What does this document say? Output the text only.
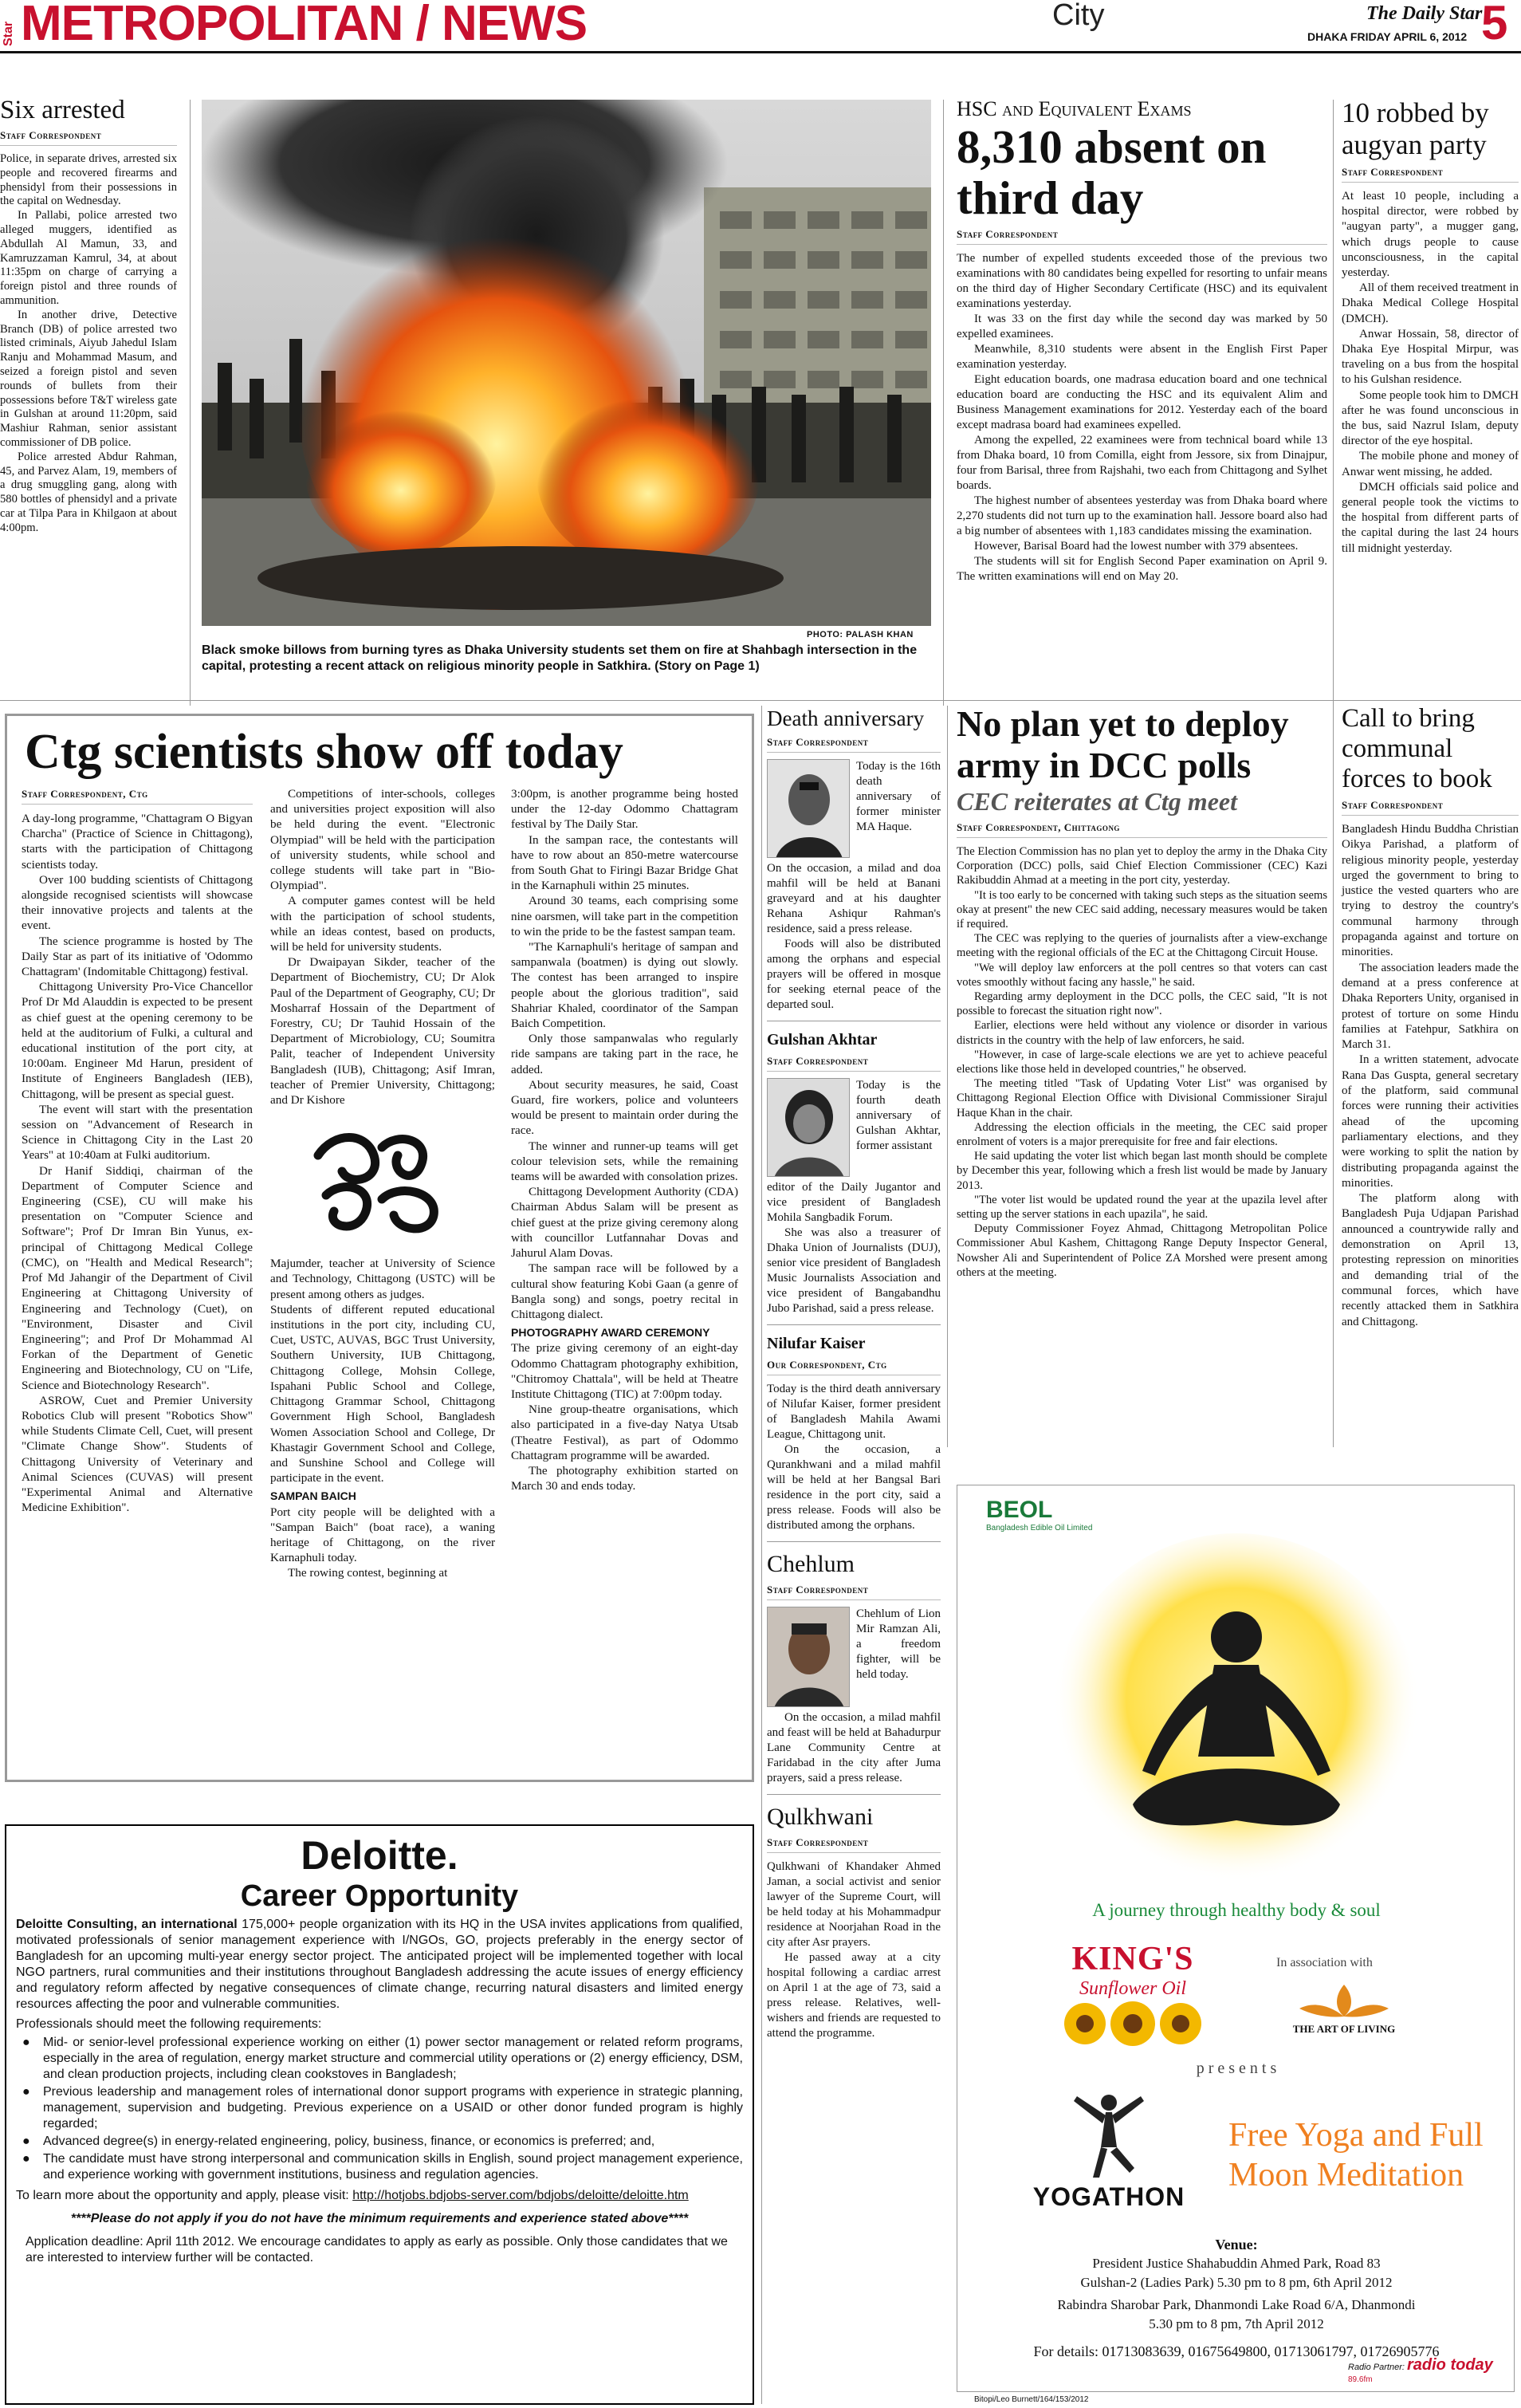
Star METROPOLITAN / NEWS	City	The Daily Star
DHAKA FRIDAY APRIL 6, 2012 5
Six arrested
Staff Correspondent

Police, in separate drives, arrested six people and recovered firearms and phensidyl from their possessions in the capital on Wednesday.

In Pallabi, police arrested two alleged muggers, identified as Abdullah Al Mamun, 33, and Kamruzzaman Kamrul, 34, at about 11:35pm on charge of carrying a foreign pistol and three rounds of ammunition.

In another drive, Detective Branch (DB) of police arrested two listed criminals, Aiyub Jahedul Islam Ranju and Mohammad Masum, and seized a foreign pistol and seven rounds of bullets from their possessions before T&T wireless gate in Gulshan at around 11:20pm, said Mashiur Rahman, senior assistant commissioner of DB police.

Police arrested Abdur Rahman, 45, and Parvez Alam, 19, members of a drug smuggling gang, along with 580 bottles of phensidyl and a private car at Tilpa Para in Khilgaon at about 4:00pm.

PHOTO: PALASH KHAN
Black smoke billows from burning tyres as Dhaka University students set them on fire at Shahbagh intersection in the capital, protesting a recent attack on religious minority people in Satkhira. (Story on Page 1)
HSC and Equivalent Exams
8,310 absent on third day
Staff Correspondent

The number of expelled students exceeded those of the previous two examinations with 80 candidates being expelled for resorting to unfair means on the third day of Higher Secondary Certificate (HSC) and its equivalent examinations yesterday.

It was 33 on the first day while the second day was marked by 50 expelled examinees.

Meanwhile, 8,310 students were absent in the English First Paper examination yesterday.

Eight education boards, one madrasa education board and one technical education board are conducting the HSC and its equivalent Alim and Business Management examinations for 2012. Yesterday each of the board except madrasa board had examinees expelled.

Among the expelled, 22 examinees were from technical board while 13 from Dhaka board, 10 from Comilla, eight from Jessore, six from Dinajpur, four from Barisal, three from Rajshahi, two each from Chittagong and Sylhet boards.

The highest number of absentees yesterday was from Dhaka board where 2,270 students did not turn up to the examination hall. Jessore board also had a big number of absentees with 1,183 candidates missing the examination.

However, Barisal Board had the lowest number with 379 absentees.

The students will sit for English Second Paper examination on April 9. The written examinations will end on May 20.

10 robbed by augyan party
Staff Correspondent

At least 10 people, including a hospital director, were robbed by "augyan party", a mugger gang, which drugs people to cause unconsciousness, in the capital yesterday.

All of them received treatment in Dhaka Medical College Hospital (DMCH).

Anwar Hossain, 58, director of Dhaka Eye Hospital Mirpur, was traveling on a bus from the hospital to his Gulshan residence.

Some people took him to DMCH after he was found unconscious in the bus, said Nazrul Islam, deputy director of the eye hospital.

The mobile phone and money of Anwar went missing, he added.

DMCH officials said police and general people took the victims to the hospital from different parts of the capital during the last 24 hours till midnight yesterday.

Ctg scientists show off today
Staff Correspondent, Ctg

A day-long programme, "Chattagram O Bigyan Charcha" (Practice of Science in Chittagong), starts with the participation of Chittagong scientists today.

Over 100 budding scientists of Chittagong alongside recognised scientists will showcase their innovative projects and talents at the event.

The science programme is hosted by The Daily Star as part of its initiative of 'Odommo Chattagram' (Indomitable Chittagong) festival.

Chittagong University Pro-Vice Chancellor Prof Dr Md Alauddin is expected to be present as chief guest at the opening ceremony to be held at the auditorium of Fulki, a cultural and educational institution of the port city, at 10:00am. Engineer Md Harun, president of Institute of Engineers Bangladesh (IEB), Chittagong, will be present as special guest.

The event will start with the presentation session on "Advancement of Research in Science in Chittagong City in the Last 20 Years" at 10:40am at Fulki auditorium.

Dr Hanif Siddiqi, chairman of the Department of Computer Science and Engineering (CSE), CU will make his presentation on "Computer Science and Software"; Prof Dr Imran Bin Yunus, ex-principal of Chittagong Medical College (CMC), on "Health and Medical Research"; Prof Md Jahangir of the Department of Civil Engineering at Chittagong University of Engineering and Technology (Cuet), on "Environment, Disaster and Civil Engineering"; and Prof Dr Mohammad Al Forkan of the Department of Genetic Engineering and Biotechnology, CU on "Life, Science and Biotechnology Research".

ASROW, Cuet and Premier University Robotics Club will present "Robotics Show" while Students Climate Cell, Cuet, will present "Climate Change Show". Students of Chittagong University of Veterinary and Animal Sciences (CUVAS) will present "Experimental Animal and Alternative Medicine Exhibition".

Competitions of inter-schools, colleges and universities project exposition will also be held during the event. "Electronic Olympiad" will be held with the participation of university students, while school and college students will take part in "Bio-Olympiad".

A computer games contest will be held with the participation of school students, while an ideas contest, based on products, will be held for university students.

Dr Dwaipayan Sikder, teacher of the Department of Biochemistry, CU; Dr Alok Paul of the Department of Geography, CU; Dr Mosharraf Hossain of the Department of Forestry, CU; Dr Tauhid Hossain of the Department of Microbiology, CU; Soumitra Palit, teacher of Independent University Bangladesh (IUB), Chittagong; Asif Imran, teacher of Premier University, Chittagong; and Dr Kishore

Majumder, teacher at University of Science and Technology, Chittagong (USTC) will be present among others as judges.

Students of different reputed educational institutions in the port city, including CU, Cuet, USTC, AUVAS, BGC Trust University, Southern University, IUB Chittagong, Chittagong College, Mohsin College, Ispahani Public School and College, Chittagong Grammar School, Chittagong Government High School, Bangladesh Women Association School and College, Dr Khastagir Government School and College, and Sunshine School and College will participate in the event.

SAMPAN BAICH

Port city people will be delighted with a "Sampan Baich" (boat race), a waning heritage of Chittagong, on the river Karnaphuli today.

The rowing contest, beginning at

3:00pm, is another programme being hosted under the 12-day Odommo Chattagram festival by The Daily Star.

In the sampan race, the contestants will have to row about an 850-metre watercourse from South Ghat to Firingi Bazar Bridge Ghat in the Karnaphuli within 25 minutes.

Around 30 teams, each comprising some nine oarsmen, will take part in the competition to win the pride to be the fastest sampan team.

"The Karnaphuli's heritage of sampan and sampanwala (boatmen) is dying out slowly. The contest has been arranged to inspire people about the glorious tradition", said Shahriar Khaled, coordinator of the Sampan Baich Competition.

Only those sampanwalas who regularly ride sampans are taking part in the race, he added.

About security measures, he said, Coast Guard, fire workers, police and volunteers would be present to maintain order during the race.

The winner and runner-up teams will get colour television sets, while the remaining teams will be awarded with consolation prizes.

Chittagong Development Authority (CDA) Chairman Abdus Salam will be present as chief guest at the prize giving ceremony along with councillor Lutfannahar Dovas and Jahurul Alam Dovas.

The sampan race will be followed by a cultural show featuring Kobi Gaan (a genre of Bangla song) and songs, poetry recital in Chittagong dialect.

PHOTOGRAPHY AWARD CEREMONY

The prize giving ceremony of an eight-day Odommo Chattagram photography exhibition, "Chitromoy Chattala", will be held at Theatre Institute Chittagong (TIC) at 7:00pm today.

Nine group-theatre organisations, which also participated in a five-day Natya Utsab (Theatre Festival), as part of Odommo Chattagram programme will be awarded.

The photography exhibition started on March 30 and ends today.

Death anniversary
Staff Correspondent
Today is the 16th death anniversary of former minister MA Haque.
On the occasion, a milad and doa mahfil will be held at Banani graveyard and at his daughter Rehana Ashiqur Rahman's residence, said a press release.
Foods will also be distributed among the orphans and especial prayers will be offered in mosque for seeking eternal peace of the departed soul.
Gulshan Akhtar
Staff Correspondent
Today is the fourth death anniversary of Gulshan Akhtar, former assistant
editor of the Daily Jugantor and vice president of Bangladesh Mohila Sangbadik Forum.
She was also a treasurer of Dhaka Union of Journalists (DUJ), senior vice president of Bangladesh Music Journalists Association and vice president of Bangabandhu Jubo Parishad, said a press release.
Nilufar Kaiser
Our Correspondent, Ctg
Today is the third death anniversary of Nilufar Kaiser, former president of Bangladesh Mahila Awami League, Chittagong unit.
On the occasion, a Qurankhwani and a milad mahfil will be held at her Bangsal Bari residence in the port city, said a press release. Foods will also be distributed among the orphans.
Chehlum
Staff Correspondent
Chehlum of Lion Mir Ramzan Ali, a freedom fighter, will be held today.
On the occasion, a milad mahfil and feast will be held at Bahadurpur Lane Community Centre at Faridabad in the city after Juma prayers, said a press release.
Qulkhwani
Staff Correspondent
Qulkhwani of Khandaker Ahmed Jaman, a social activist and senior lawyer of the Supreme Court, will be held today at his Mohammadpur residence at Noorjahan Road in the city after Asr prayers.
He passed away at a city hospital following a cardiac arrest on April 1 at the age of 73, said a press release. Relatives, well-wishers and friends are requested to attend the programme.
No plan yet to deploy army in DCC polls
CEC reiterates at Ctg meet
Staff Correspondent, Chittagong

The Election Commission has no plan yet to deploy the army in the Dhaka City Corporation (DCC) polls, said Chief Election Commissioner (CEC) Kazi Rakibuddin Ahmad at a meeting in the port city, yesterday.

"It is too early to be concerned with taking such steps as the situation seems okay at present" the new CEC said adding, necessary measures would be taken if required.

The CEC was replying to the queries of journalists after a view-exchange meeting with the regional officials of the EC at the Chittagong Circuit House.

"We will deploy law enforcers at the poll centres so that voters can cast votes smoothly without facing any hassle," he said.

Regarding army deployment in the DCC polls, the CEC said, "It is not possible to forecast the situation right now".

Earlier, elections were held without any violence or disorder in various districts in the country with the help of law enforcers, he said.

"However, in case of large-scale elections we are yet to achieve peaceful elections like those held in developed countries," he observed.

The meeting titled "Task of Updating Voter List" was organised by Chittagong Regional Election Office with Divisional Commissioner Sirajul Haque Khan in the chair.

Addressing the election officials in the meeting, the CEC said proper enrolment of voters is a major prerequisite for free and fair elections.

He said updating the voter list which began last month should be complete by December this year, following which a fresh list would be made by January 2013.

"The voter list would be updated round the year at the upazila level after setting up the server stations in each upazila", he said.

Deputy Commissioner Foyez Ahmad, Chittagong Metropolitan Police Commissioner Abul Kashem, Chittagong Range Deputy Inspector General, Nowsher Ali and Superintendent of Police ZA Morshed were present among others at the meeting.

Call to bring communal forces to book
Staff Correspondent

Bangladesh Hindu Buddha Christian Oikya Parishad, a platform of religious minority people, yesterday urged the government to bring to justice the vested quarters who are trying to destroy the country's communal harmony through propaganda against and torture on minorities.

The association leaders made the demand at a press conference at Dhaka Reporters Unity, organised in protest of torture on some Hindu families at Fatehpur, Satkhira on March 31.

In a written statement, advocate Rana Das Guspta, general secretary of the platform, said communal forces were running their activities ahead of the upcoming parliamentary elections, and they were working to split the nation by distributing propaganda against the minorities.

The platform along with Bangladesh Puja Udjapan Parishad announced a countrywide rally and demonstration on April 13, protesting repression on minorities and demanding trial of the communal forces, which have recently attacked them in Satkhira and Chittagong.

Deloitte.
Career Opportunity
Deloitte Consulting, an international 175,000+ people organization with its HQ in the USA invites applications from qualified, motivated professionals of senior management experience with I/NGOs, GO, projects preferably in the energy sector of Bangladesh for an upcoming multi-year energy sector project. The anticipated project will be implemented together with local NGO partners, rural communities and their institutions throughout Bangladesh addressing the acute issues of energy efficiency and regulatory reform affected by negative consequences of climate change, recurring natural disasters and limited energy resources affecting the poor and vulnerable communities.
Professionals should meet the following requirements:
● Mid- or senior-level professional experience working on either (1) power sector management or related reform programs, especially in the area of regulation, energy market structure and commercial utility operations or (2) energy efficiency, DSM, and clean production projects, including clean cookstoves in Bangladesh;
● Previous leadership and management roles of international donor support programs with experience in strategic planning, management, supervision and budgeting. Previous experience on a USAID or other donor funded program is highly regarded;
● Advanced degree(s) in energy-related engineering, policy, business, finance, or economics is preferred; and,
● The candidate must have strong interpersonal and communication skills in English, sound project management experience, and experience working with government institutions, business and regulation agencies.
To learn more about the opportunity and apply, please visit: http://hotjobs.bdjobs-server.com/bdjobs/deloitte/deloitte.htm
****Please do not apply if you do not have the minimum requirements and experience stated above****
Application deadline: April 11th 2012. We encourage candidates to apply as early as possible. Only those candidates that we are interested to interview further will be contacted.
BEOL
Bangladesh Edible Oil Limited
A journey through healthy body & soul
KING'S
Sunflower Oil
In association with
THE ART OF LIVING
p r e s e n t s
YOGATHON
Free Yoga and Full Moon Meditation
Venue:
President Justice Shahabuddin Ahmed Park, Road 83
Gulshan-2 (Ladies Park) 5.30 pm to 8 pm, 6th April 2012
Rabindra Sharobar Park, Dhanmondi Lake Road 6/A, Dhanmondi
5.30 pm to 8 pm, 7th April 2012
For details: 01713083639, 01675649800, 01713061797, 01726905776
Radio Partner: radio today 89.6fm
Bitopi/Leo Burnett/164/153/2012
